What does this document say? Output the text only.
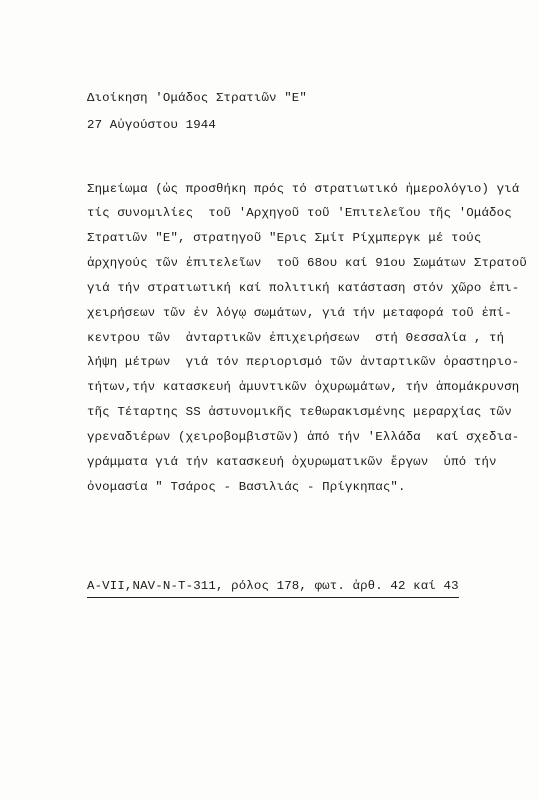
Διοίκηση 'Ομάδος Στρατιῶν "Ε"
27 Αὐγούστου 1944
Σημείωμα (ὡς προσθήκη πρός τό στρατιωτικό ἡμερολόγιο) γιά
τίς συνομιλίες  τοῦ 'Αρχηγοῦ τοῦ 'Επιτελεῖου τῆς 'Ομάδος
Στρατιῶν "Ε", στρατηγοῦ "Ερις Σμίτ Ρίχμπεργκ μέ τούς
ἀρχηγούς τῶν ἐπιτελεῖων  τοῦ 68ου καί 91ου Σωμάτων Στρατοῦ
γιά τήν στρατιωτική καί πολιτική κατάσταση στόν χῶρο ἐπι-
χειρήσεων τῶν ἐν λόγῳ σωμάτων, γιά τήν μεταφορά τοῦ ἐπί-
κεντρου τῶν  ἀνταρτικῶν ἐπιχειρήσεων  στή Θεσσαλία , τή
λήψη μέτρων  γιά τόν περιορισμό τῶν ἀνταρτικῶν ὁραστηριο-
τήτων,τήν κατασκευή ἀμυντικῶν ὀχυρωμάτων, τήν ἀπομάκρυνση
τῆς Τέταρτης SS ἀστυνομικῆς τεθωρακισμένης μεραρχίας τῶν
γρεναδιέρων (χειροβομβιστῶν) ἀπό τήν 'Ελλάδα  καί σχεδια-
γράμματα γιά τήν κατασκευή ὀχυρωματικῶν ἔργων  ὑπό τήν
ὀνομασία " Τσάρος - Βασιλιάς - Πρίγκηπας".
A-VII,NAV-N-T-311, ρόλος 178, φωτ. ἀρθ. 42 καί 43
